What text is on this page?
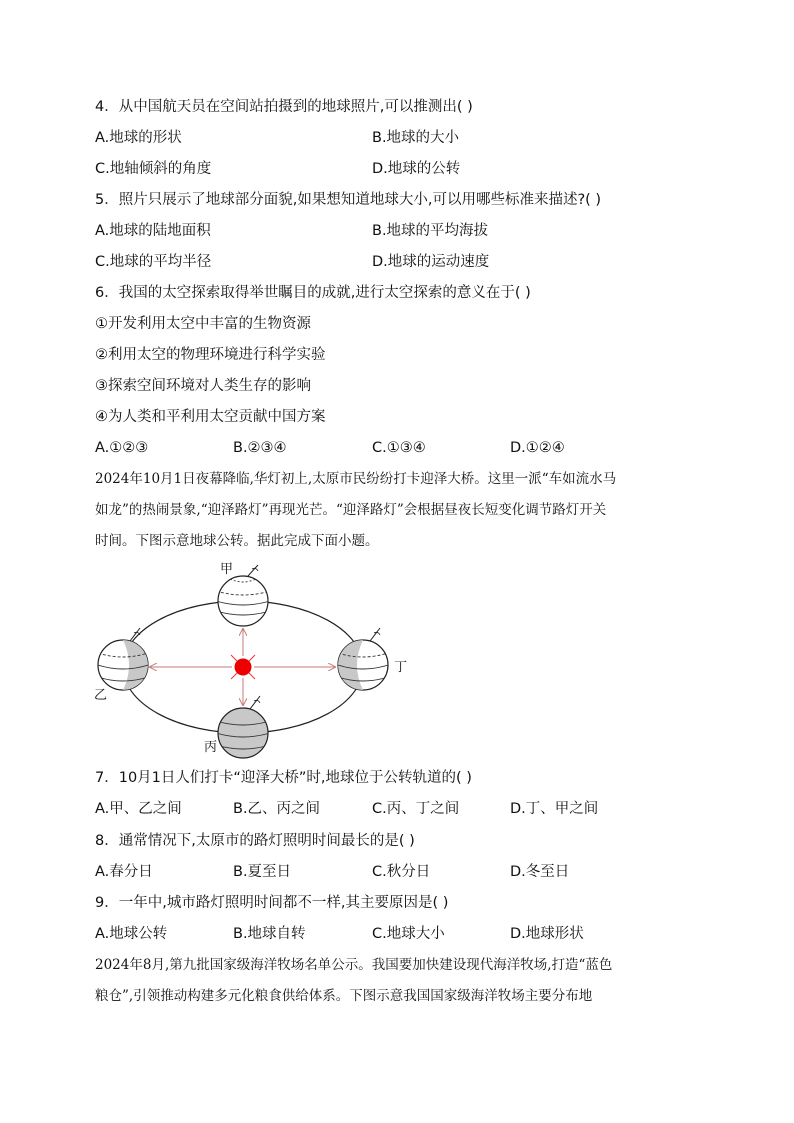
4．从中国航天员在空间站拍摄到的地球照片,可以推测出( )
A.地球的形状	B.地球的大小
C.地轴倾斜的角度	D.地球的公转
5．照片只展示了地球部分面貌,如果想知道地球大小,可以用哪些标准来描述?( )
A.地球的陆地面积	B.地球的平均海拔
C.地球的平均半径	D.地球的运动速度
6．我国的太空探索取得举世瞩目的成就,进行太空探索的意义在于( )
①开发利用太空中丰富的生物资源
②利用太空的物理环境进行科学实验
③探索空间环境对人类生存的影响
④为人类和平利用太空贡献中国方案
A.①②③	B.②③④	C.①③④	D.①②④
2024年10月1日夜幕降临,华灯初上,太原市民纷纷打卡迎泽大桥。这里一派“车如流水马
如龙”的热闹景象,“迎泽路灯”再现光芒。“迎泽路灯”会根据昼夜长短变化调节路灯开关
时间。下图示意地球公转。据此完成下面小题。
甲
丁
丙
乙
7．10月1日人们打卡“迎泽大桥”时,地球位于公转轨道的( )
A.甲、乙之间	B.乙、丙之间	C.丙、丁之间	D.丁、甲之间
8．通常情况下,太原市的路灯照明时间最长的是( )
A.春分日	B.夏至日	C.秋分日	D.冬至日
9．一年中,城市路灯照明时间都不一样,其主要原因是( )
A.地球公转	B.地球自转	C.地球大小	D.地球形状
2024年8月,第九批国家级海洋牧场名单公示。我国要加快建设现代海洋牧场,打造“蓝色
粮仓”,引领推动构建多元化粮食供给体系。下图示意我国国家级海洋牧场主要分布地
